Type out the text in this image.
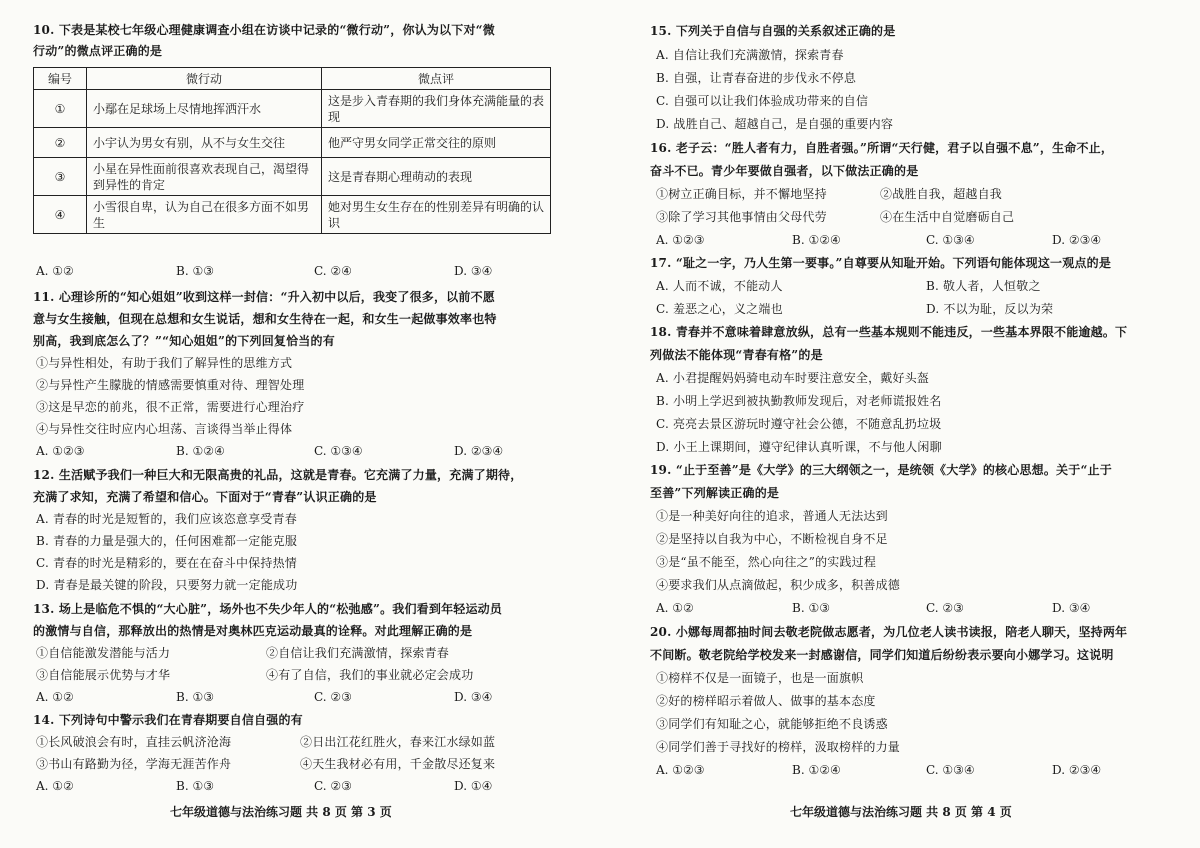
10. 下表是某校七年级心理健康调查小组在访谈中记录的“微行动”，你认为以下对“微
行动”的微点评正确的是
编号	微行动	微点评
①	小鄢在足球场上尽情地挥洒汗水	这是步入青春期的我们身体充满能量的表现
②	小宇认为男女有别，从不与女生交往	他严守男女同学正常交往的原则
③	小星在异性面前很喜欢表现自己，渴望得到异性的肯定	这是青春期心理萌动的表现
④	小雪很自卑，认为自己在很多方面不如男生	她对男生女生存在的性别差异有明确的认识
A. ①②	B. ①③	C. ②④	D. ③④
11. 心理诊所的“知心姐姐”收到这样一封信：“升入初中以后，我变了很多，以前不愿
意与女生接触，但现在总想和女生说话，想和女生待在一起，和女生一起做事效率也特
别高，我到底怎么了？”“知心姐姐”的下列回复恰当的有
①与异性相处，有助于我们了解异性的思维方式
②与异性产生朦胧的情感需要慎重对待、理智处理
③这是早恋的前兆，很不正常，需要进行心理治疗
④与异性交往时应内心坦荡、言谈得当举止得体
A. ①②③	B. ①②④	C. ①③④	D. ②③④
12. 生活赋予我们一种巨大和无限高贵的礼品，这就是青春。它充满了力量，充满了期待，
充满了求知，充满了希望和信心。下面对于“青春”认识正确的是
A. 青春的时光是短暂的，我们应该恣意享受青春
B. 青春的力量是强大的，任何困难都一定能克服
C. 青春的时光是精彩的，要在在奋斗中保持热情
D. 青春是最关键的阶段，只要努力就一定能成功
13. 场上是临危不惧的“大心脏”，场外也不失少年人的“松弛感”。我们看到年轻运动员
的激情与自信，那释放出的热情是对奥林匹克运动最真的诠释。对此理解正确的是
①自信能激发潜能与活力	②自信让我们充满激情，探索青春
③自信能展示优势与才华	④有了自信，我们的事业就必定会成功
A. ①②	B. ①③	C. ②③	D. ③④
14. 下列诗句中警示我们在青春期要自信自强的有
①长风破浪会有时，直挂云帆济沧海	②日出江花红胜火，春来江水绿如蓝
③书山有路勤为径，学海无涯苦作舟	④天生我材必有用，千金散尽还复来
A. ①②	B. ①③	C. ②③	D. ①④
七年级道德与法治练习题 共 8 页 第 3 页
15. 下列关于自信与自强的关系叙述正确的是
A. 自信让我们充满激情，探索青春
B. 自强，让青春奋进的步伐永不停息
C. 自强可以让我们体验成功带来的自信
D. 战胜自己、超越自己，是自强的重要内容
16. 老子云：“胜人者有力，自胜者强。”所谓“天行健，君子以自强不息”，生命不止，
奋斗不已。青少年要做自强者，以下做法正确的是
①树立正确目标，并不懈地坚持	②战胜自我，超越自我
③除了学习其他事情由父母代劳	④在生活中自觉磨砺自己
A. ①②③	B. ①②④	C. ①③④	D. ②③④
17. “耻之一字，乃人生第一要事。”自尊要从知耻开始。下列语句能体现这一观点的是
A. 人而不诚，不能动人	B. 敬人者，人恒敬之
C. 羞恶之心，义之端也	D. 不以为耻，反以为荣
18. 青春并不意味着肆意放纵，总有一些基本规则不能违反，一些基本界限不能逾越。下
列做法不能体现“青春有格”的是
A. 小君提醒妈妈骑电动车时要注意安全，戴好头盔
B. 小明上学迟到被执勤教师发现后，对老师谎报姓名
C. 亮亮去景区游玩时遵守社会公德，不随意乱扔垃圾
D. 小王上课期间，遵守纪律认真听课，不与他人闲聊
19. “止于至善”是《大学》的三大纲领之一，是统领《大学》的核心思想。关于“止于
至善”下列解读正确的是
①是一种美好向往的追求，普通人无法达到
②是坚持以自我为中心，不断检视自身不足
③是“虽不能至，然心向往之”的实践过程
④要求我们从点滴做起，积少成多，积善成德
A. ①②	B. ①③	C. ②③	D. ③④
20. 小娜每周都抽时间去敬老院做志愿者，为几位老人读书读报，陪老人聊天，坚持两年
不间断。敬老院给学校发来一封感谢信，同学们知道后纷纷表示要向小娜学习。这说明
①榜样不仅是一面镜子，也是一面旗帜
②好的榜样昭示着做人、做事的基本态度
③同学们有知耻之心，就能够拒绝不良诱惑
④同学们善于寻找好的榜样，汲取榜样的力量
A. ①②③	B. ①②④	C. ①③④	D. ②③④
七年级道德与法治练习题 共 8 页 第 4 页
